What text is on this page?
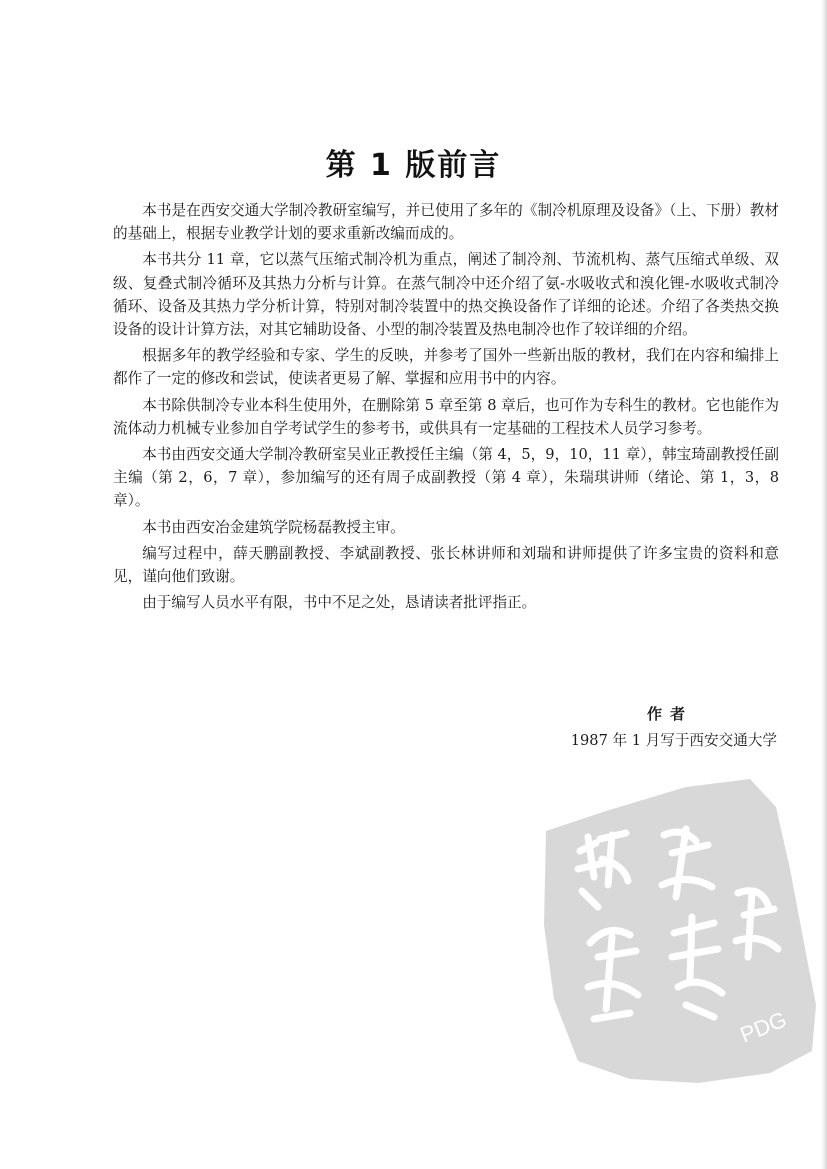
第 1 版前言

本书是在西安交通大学制冷教研室编写，并已使用了多年的《制冷机原理及设备》（上、下册）教材的基础上，根据专业教学计划的要求重新改编而成的。

本书共分 11 章，它以蒸气压缩式制冷机为重点，阐述了制冷剂、节流机构、蒸气压缩式单级、双级、复叠式制冷循环及其热力分析与计算。在蒸气制冷中还介绍了氨-水吸收式和溴化锂-水吸收式制冷循环、设备及其热力学分析计算，特别对制冷装置中的热交换设备作了详细的论述。介绍了各类热交换设备的设计计算方法，对其它辅助设备、小型的制冷装置及热电制冷也作了较详细的介绍。

根据多年的教学经验和专家、学生的反映，并参考了国外一些新出版的教材，我们在内容和编排上都作了一定的修改和尝试，使读者更易了解、掌握和应用书中的内容。

本书除供制冷专业本科生使用外，在删除第 5 章至第 8 章后，也可作为专科生的教材。它也能作为流体动力机械专业参加自学考试学生的参考书，或供具有一定基础的工程技术人员学习参考。

本书由西安交通大学制冷教研室吴业正教授任主编（第 4，5，9，10，11 章），韩宝琦副教授任副主编（第 2，6，7 章），参加编写的还有周子成副教授（第 4 章），朱瑞琪讲师（绪论、第 1，3，8 章）。

本书由西安冶金建筑学院杨磊教授主审。

编写过程中，薛天鹏副教授、李斌副教授、张长林讲师和刘瑞和讲师提供了许多宝贵的资料和意见，谨向他们致谢。

由于编写人员水平有限，书中不足之处，恳请读者批评指正。

作者
1987 年 1 月写于西安交通大学
PDG
